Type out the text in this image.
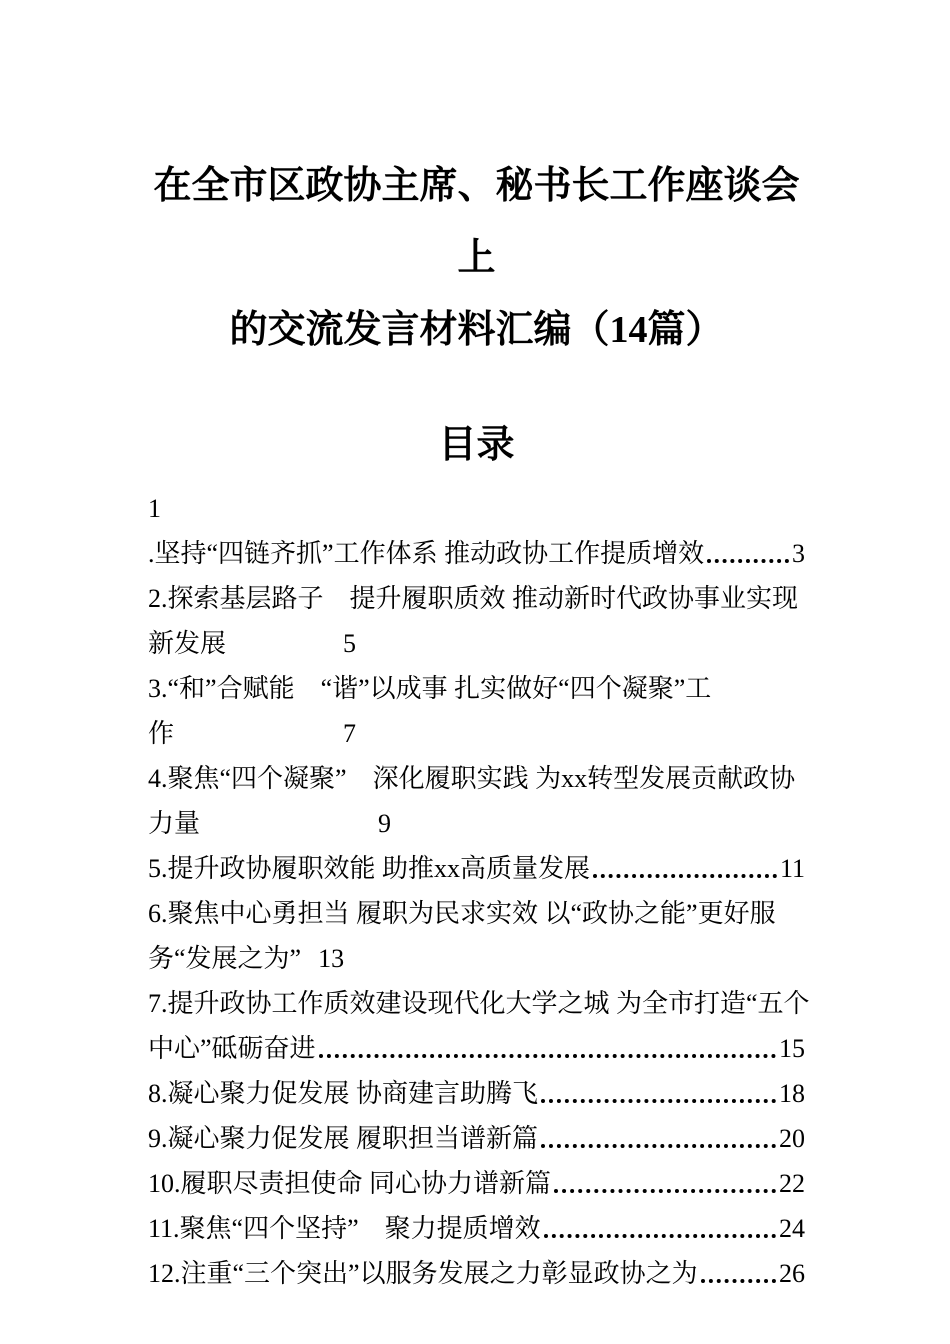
在全市区政协主席、秘书长工作座谈会上
的交流发言材料汇编（14篇）
目录
1
.坚持“四链齐抓”工作体系 推动政协工作提质增效	3
2.探索基层路子　提升履职质效 推动新时代政协事业实现
新发展	5
3.“和”合赋能　“谐”以成事 扎实做好“四个凝聚”工
作	7
4.聚焦“四个凝聚”　深化履职实践 为xx转型发展贡献政协
力量	9
5.提升政协履职效能 助推xx高质量发展	11
6.聚焦中心勇担当 履职为民求实效 以“政协之能”更好服
务“发展之为” 13
7.提升政协工作质效建设现代化大学之城 为全市打造“五个
中心”砥砺奋进	15
8.凝心聚力促发展 协商建言助腾飞	18
9.凝心聚力促发展 履职担当谱新篇	20
10.履职尽责担使命 同心协力谱新篇	22
11.聚焦“四个坚持”　聚力提质增效	24
12.注重“三个突出”以服务发展之力彰显政协之为	26
